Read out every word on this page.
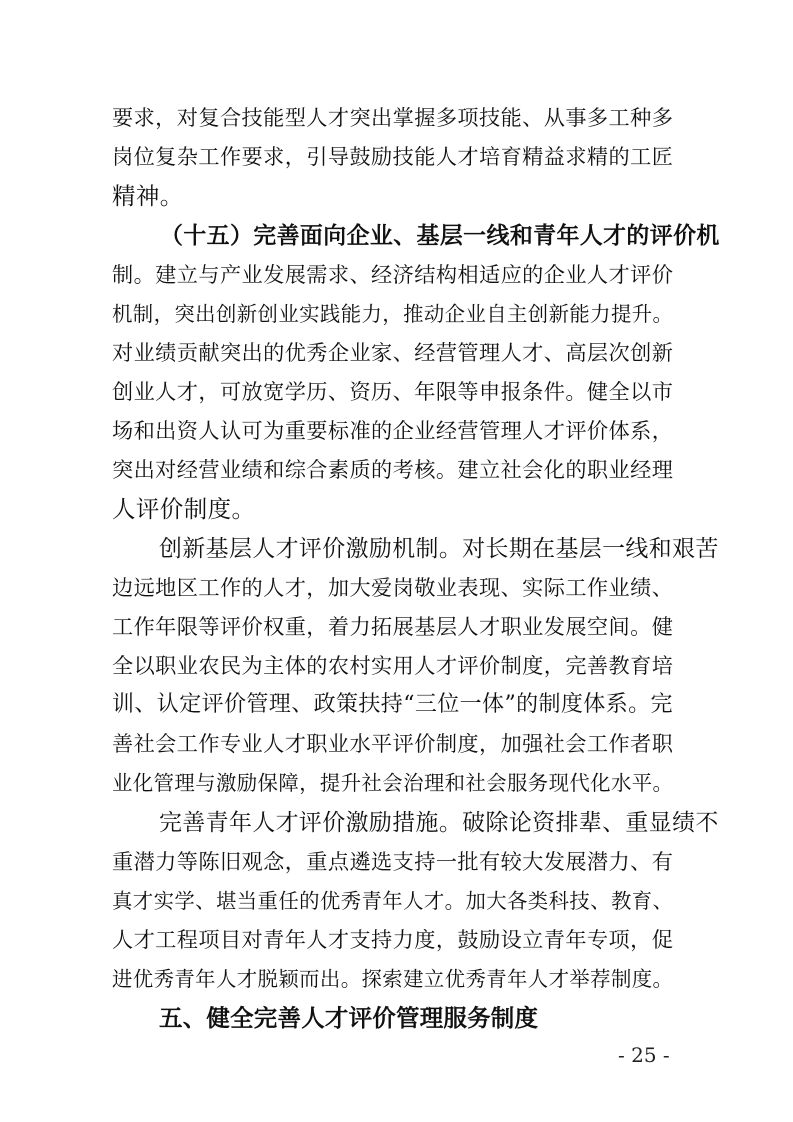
要求，对复合技能型人才突出掌握多项技能、从事多工种多
岗位复杂工作要求，引导鼓励技能人才培育精益求精的工匠
精神。
（十五）完善面向企业、基层一线和青年人才的评价机
制。建立与产业发展需求、经济结构相适应的企业人才评价
机制，突出创新创业实践能力，推动企业自主创新能力提升。
对业绩贡献突出的优秀企业家、经营管理人才、高层次创新
创业人才，可放宽学历、资历、年限等申报条件。健全以市
场和出资人认可为重要标准的企业经营管理人才评价体系，
突出对经营业绩和综合素质的考核。建立社会化的职业经理
人评价制度。
创新基层人才评价激励机制。对长期在基层一线和艰苦
边远地区工作的人才，加大爱岗敬业表现、实际工作业绩、
工作年限等评价权重，着力拓展基层人才职业发展空间。健
全以职业农民为主体的农村实用人才评价制度，完善教育培
训、认定评价管理、政策扶持“三位一体”的制度体系。完
善社会工作专业人才职业水平评价制度，加强社会工作者职
业化管理与激励保障，提升社会治理和社会服务现代化水平。
完善青年人才评价激励措施。破除论资排辈、重显绩不
重潜力等陈旧观念，重点遴选支持一批有较大发展潜力、有
真才实学、堪当重任的优秀青年人才。加大各类科技、教育、
人才工程项目对青年人才支持力度，鼓励设立青年专项，促
进优秀青年人才脱颖而出。探索建立优秀青年人才举荐制度。
五、健全完善人才评价管理服务制度
- 25 -
